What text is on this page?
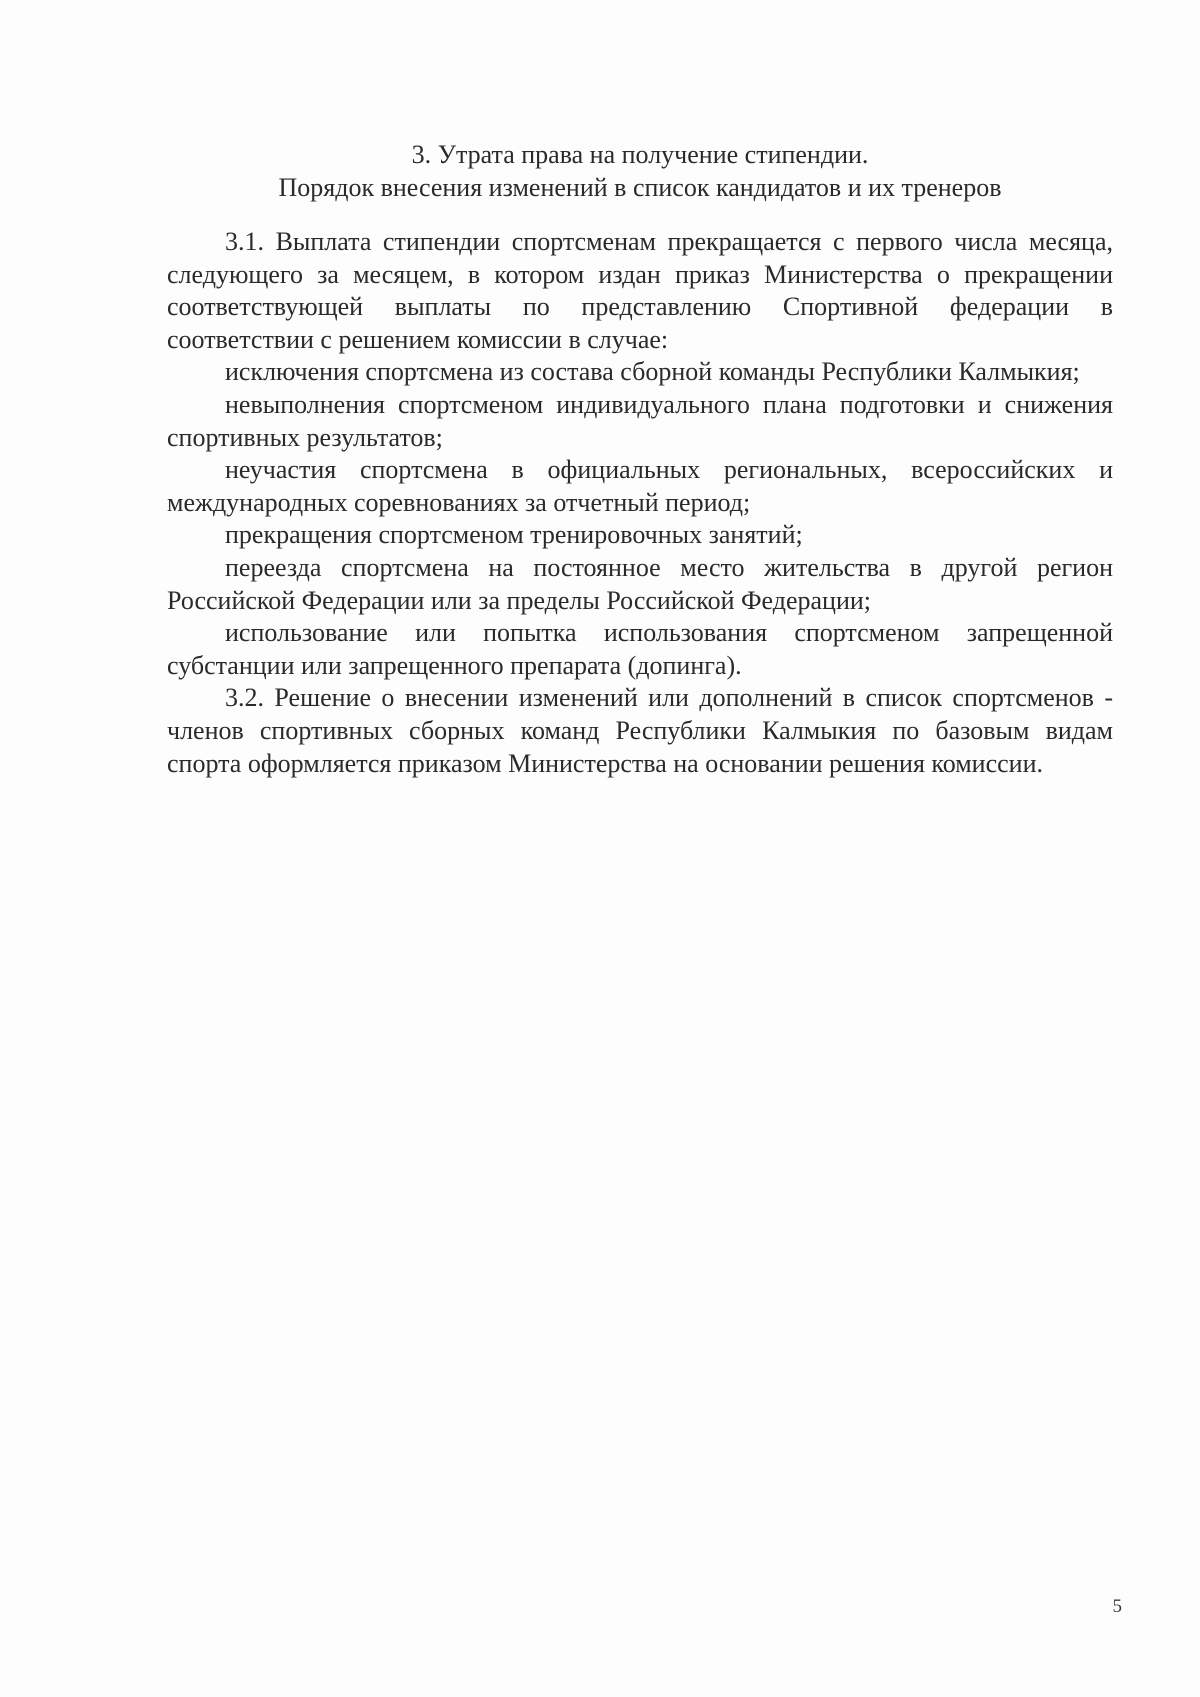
3. Утрата права на получение стипендии.
Порядок внесения изменений в список кандидатов и их тренеров

3.1. Выплата стипендии спортсменам прекращается с первого числа месяца, следующего за месяцем, в котором издан приказ Министерства о прекращении соответствующей выплаты по представлению Спортивной федерации в соответствии с решением комиссии в случае:

исключения спортсмена из состава сборной команды Республики Калмыкия;

невыполнения спортсменом индивидуального плана подготовки и снижения спортивных результатов;

неучастия спортсмена в официальных региональных, всероссийских и международных соревнованиях за отчетный период;

прекращения спортсменом тренировочных занятий;

переезда спортсмена на постоянное место жительства в другой регион Российской Федерации или за пределы Российской Федерации;

использование или попытка использования спортсменом запрещенной субстанции или запрещенного препарата (допинга).

3.2. Решение о внесении изменений или дополнений в список спортсменов - членов спортивных сборных команд Республики Калмыкия по базовым видам спорта оформляется приказом Министерства на основании решения комиссии.

5
